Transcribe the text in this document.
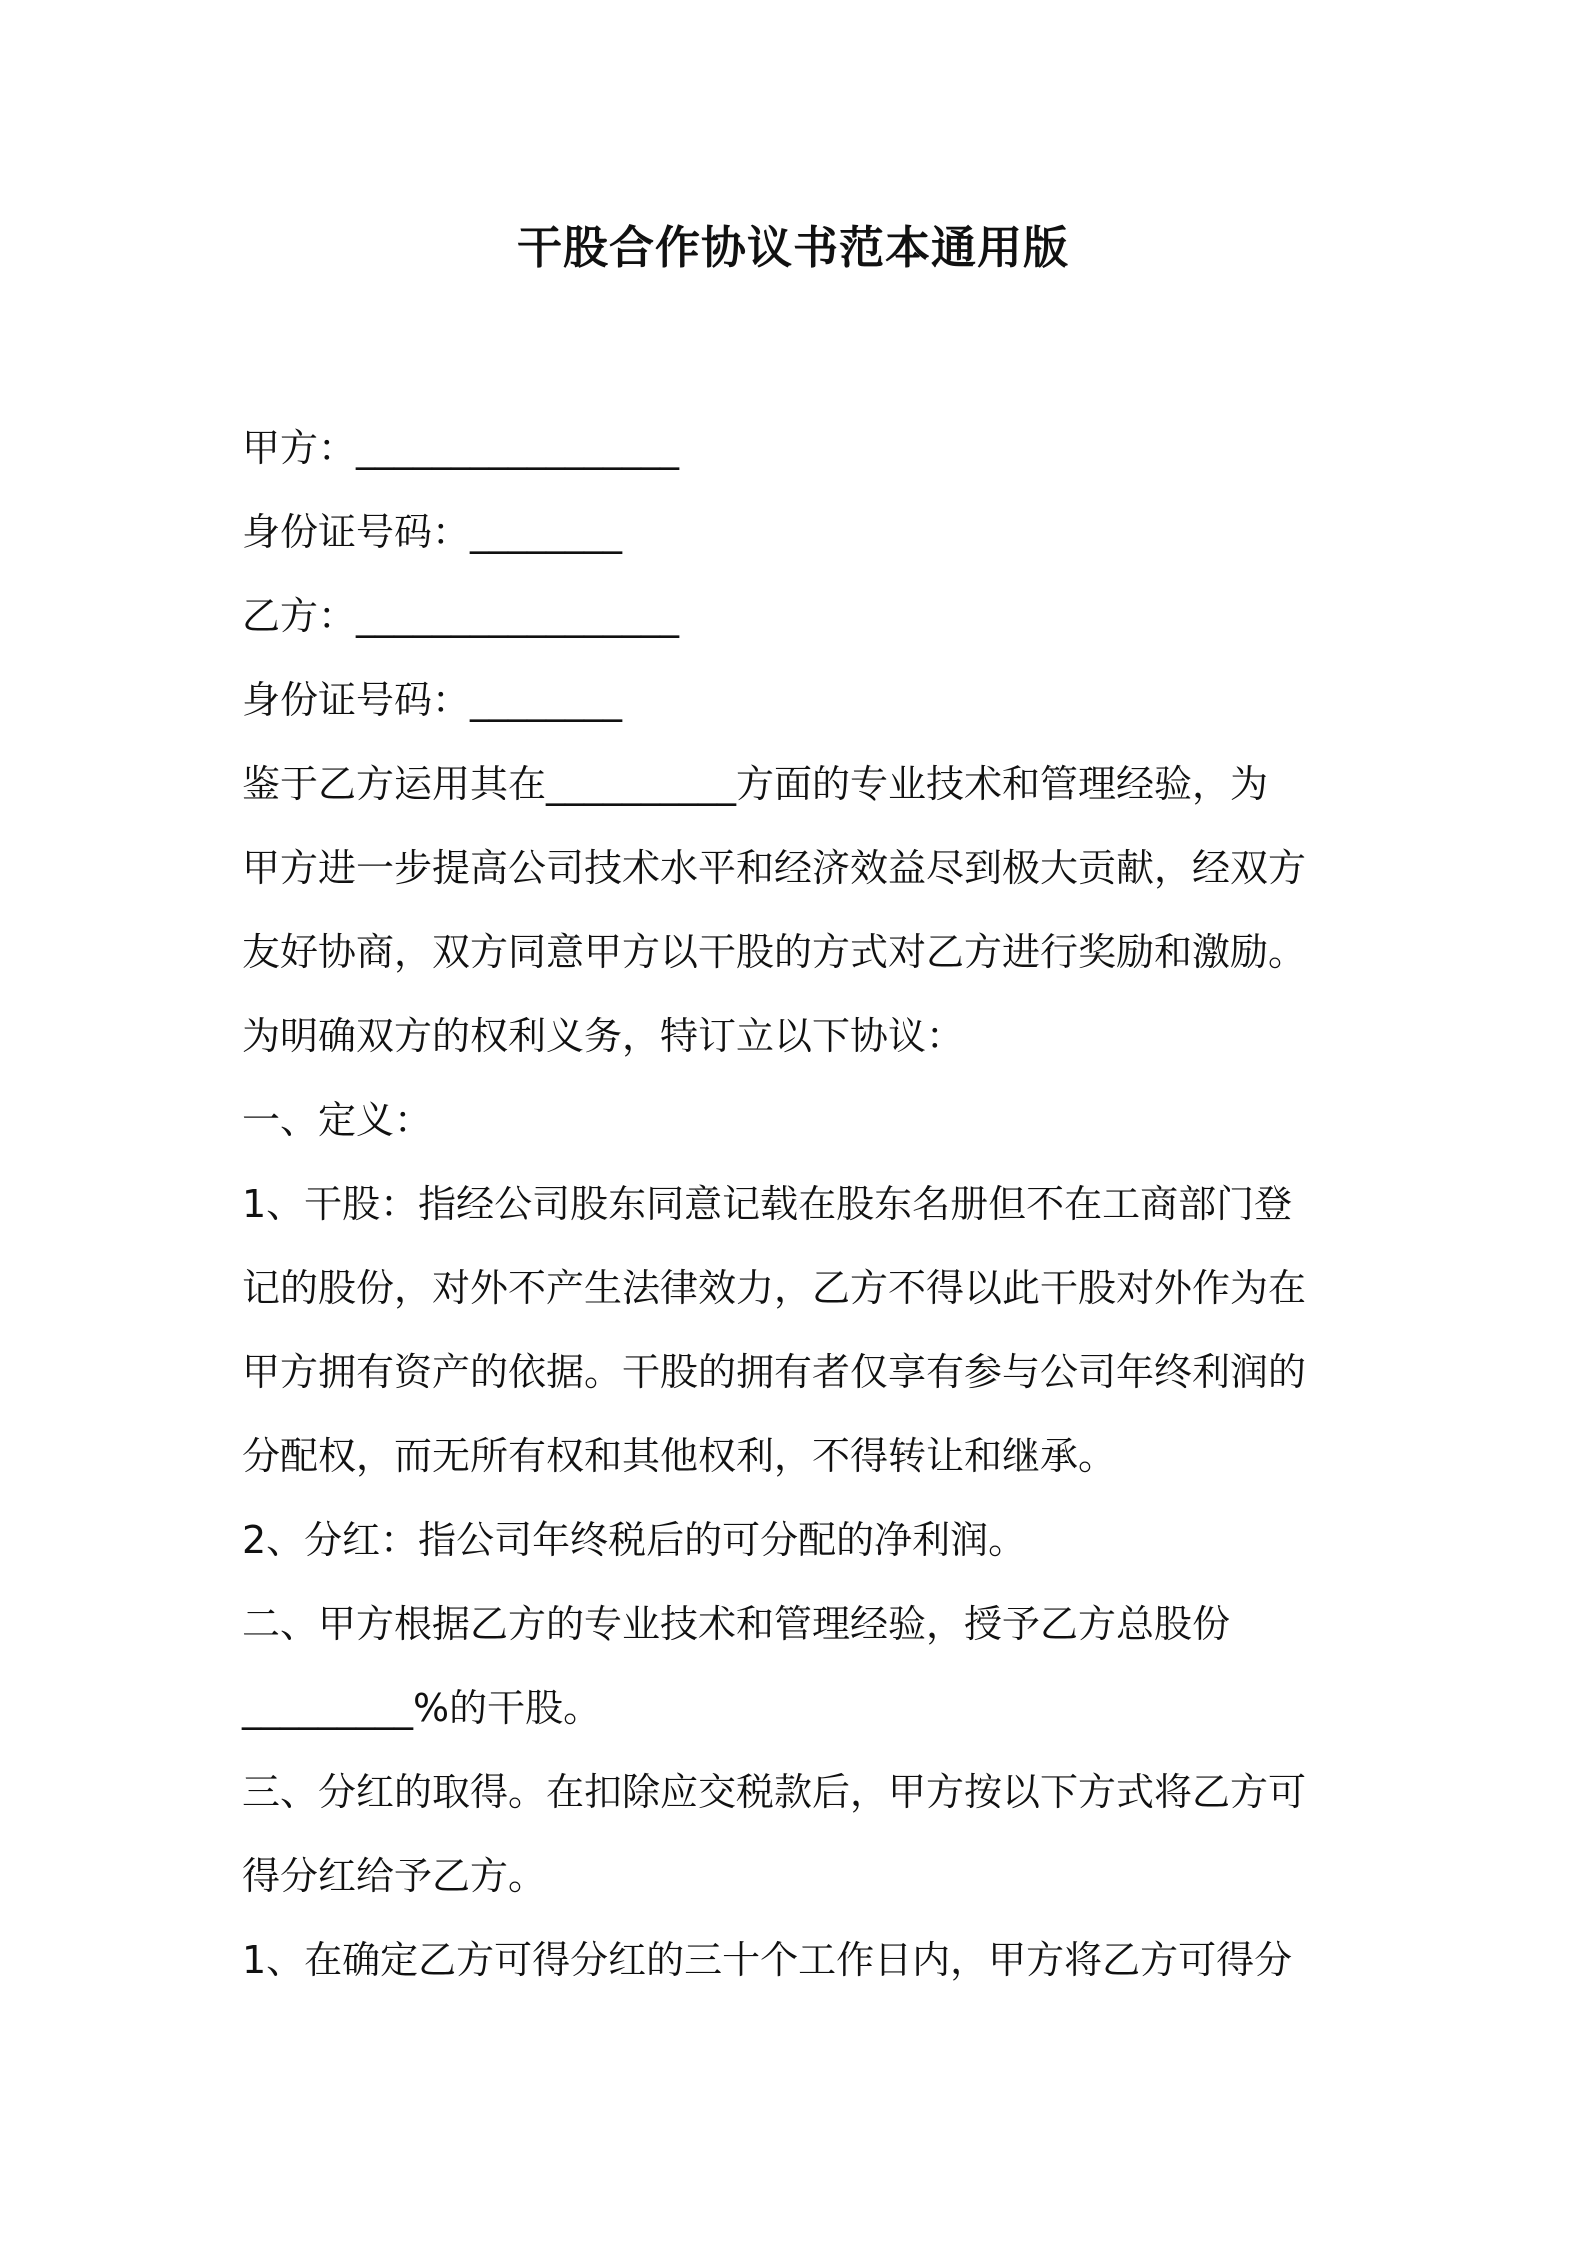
干股合作协议书范本通用版
甲方：_________________
身份证号码：________
乙方：_________________
身份证号码：________
鉴于乙方运用其在__________方面的专业技术和管理经验，为
甲方进一步提高公司技术水平和经济效益尽到极大贡献，经双方
友好协商，双方同意甲方以干股的方式对乙方进行奖励和激励。
为明确双方的权利义务，特订立以下协议：
一、定义：
1、干股：指经公司股东同意记载在股东名册但不在工商部门登
记的股份，对外不产生法律效力，乙方不得以此干股对外作为在
甲方拥有资产的依据。干股的拥有者仅享有参与公司年终利润的
分配权，而无所有权和其他权利，不得转让和继承。
2、分红：指公司年终税后的可分配的净利润。
二、甲方根据乙方的专业技术和管理经验，授予乙方总股份
_________%的干股。
三、分红的取得。在扣除应交税款后，甲方按以下方式将乙方可
得分红给予乙方。
1、在确定乙方可得分红的三十个工作日内，甲方将乙方可得分
